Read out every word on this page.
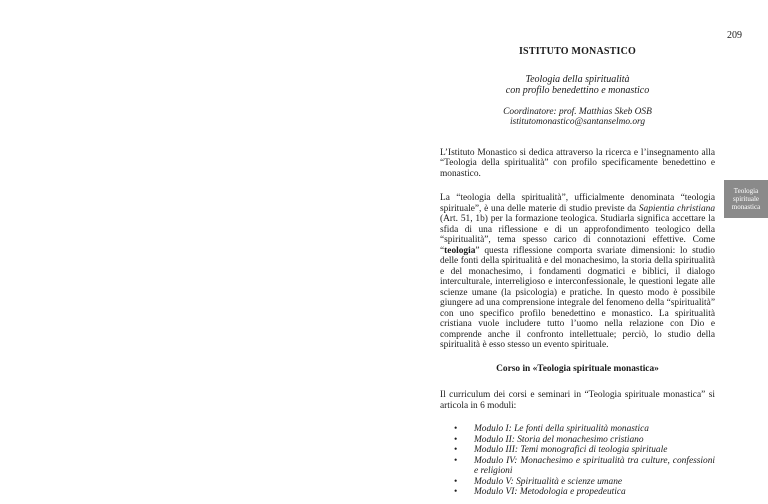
209
ISTITUTO MONASTICO
Teologia della spiritualità
con profilo benedettino e monastico
Coordinatore: prof. Matthias Skeb OSB
istitutomonastico@santanselmo.org

L’Istituto Monastico si dedica attraverso la ricerca e l’insegnamento alla “Teologia della spiritualità” con profilo specificamente benedettino e monastico.

La “teologia della spiritualità”, ufficialmente denominata “teologia spirituale”, è una delle materie di studio previste da Sapientia christiana (Art. 51, 1b) per la formazione teologica. Studiarla significa accettare la sfida di una riflessione e di un approfondimento teologico della “spiritualità”, tema spesso carico di connotazioni effettive. Come “teologia” questa riflessione comporta svariate dimensioni: lo studio delle fonti della spiritualità e del monachesimo, la storia della spiritualità e del monachesimo, i fondamenti dogmatici e biblici, il dialogo interculturale, interreligioso e interconfessionale, le questioni legate alle scienze umane (la psicologia) e pratiche. In questo modo è possibile giungere ad una comprensione integrale del fenomeno della “spiritualità” con uno specifico profilo benedettino e monastico. La spiritualità cristiana vuole includere tutto l’uomo nella relazione con Dio e comprende anche il confronto intellettuale; perciò, lo studio della spiritualità è esso stesso un evento spirituale.

Corso in «Teologia spirituale monastica»

Il curriculum dei corsi e seminari in “Teologia spirituale monastica” si articola in 6 moduli:

• Modulo I: Le fonti della spiritualità monastica
• Modulo II: Storia del monachesimo cristiano
• Modulo III: Temi monografici di teologia spirituale
• Modulo IV: Monachesimo e spiritualità tra culture, confessioni e religioni
• Modulo V: Spiritualità e scienze umane
• Modulo VI: Metodologia e propedeutica
Teologia
spirituale
monastica
